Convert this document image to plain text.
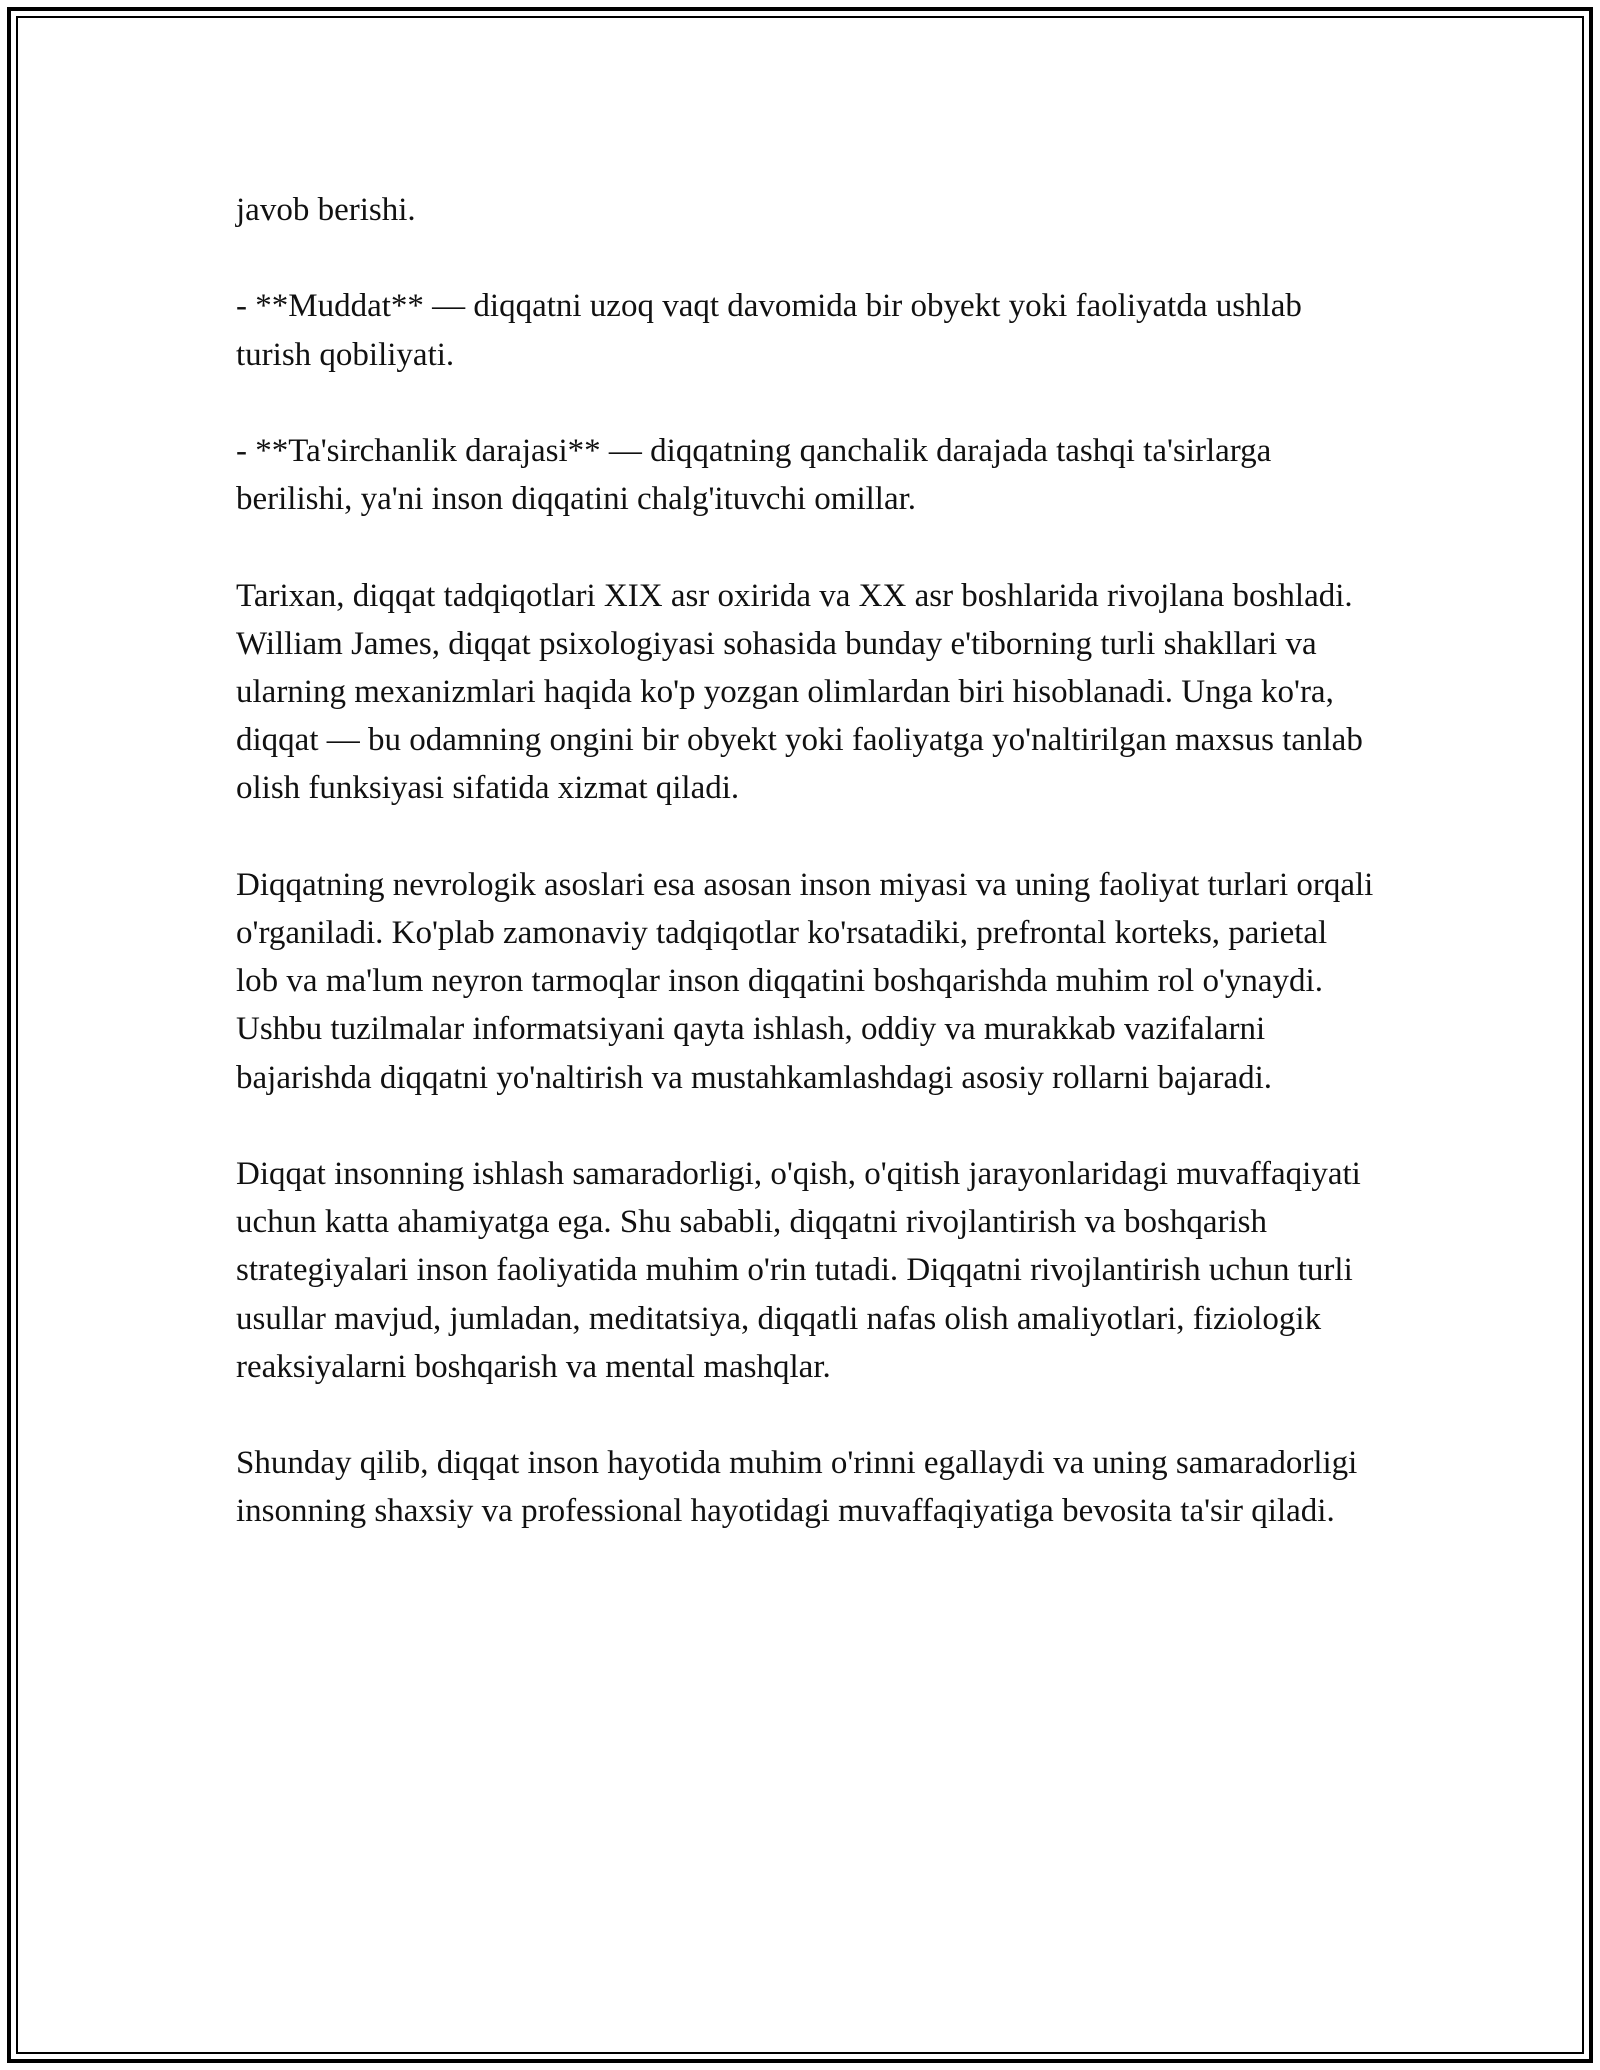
javob berishi.

- **Muddat** — diqqatni uzoq vaqt davomida bir obyekt yoki faoliyatda ushlab turish qobiliyati.

- **Ta'sirchanlik darajasi** — diqqatning qanchalik darajada tashqi ta'sirlarga berilishi, ya'ni inson diqqatini chalg'ituvchi omillar.

Tarixan, diqqat tadqiqotlari XIX asr oxirida va XX asr boshlarida rivojlana boshladi. William James, diqqat psixologiyasi sohasida bunday e'tiborning turli shakllari va ularning mexanizmlari haqida ko'p yozgan olimlardan biri hisoblanadi. Unga ko'ra, diqqat — bu odamning ongini bir obyekt yoki faoliyatga yo'naltirilgan maxsus tanlab olish funksiyasi sifatida xizmat qiladi.

Diqqatning nevrologik asoslari esa asosan inson miyasi va uning faoliyat turlari orqali o'rganiladi. Ko'plab zamonaviy tadqiqotlar ko'rsatadiki, prefrontal korteks, parietal lob va ma'lum neyron tarmoqlar inson diqqatini boshqarishda muhim rol o'ynaydi. Ushbu tuzilmalar informatsiyani qayta ishlash, oddiy va murakkab vazifalarni bajarishda diqqatni yo'naltirish va mustahkamlashdagi asosiy rollarni bajaradi.

Diqqat insonning ishlash samaradorligi, o'qish, o'qitish jarayonlaridagi muvaffaqiyati uchun katta ahamiyatga ega. Shu sababli, diqqatni rivojlantirish va boshqarish strategiyalari inson faoliyatida muhim o'rin tutadi. Diqqatni rivojlantirish uchun turli usullar mavjud, jumladan, meditatsiya, diqqatli nafas olish amaliyotlari, fiziologik reaksiyalarni boshqarish va mental mashqlar.

Shunday qilib, diqqat inson hayotida muhim o'rinni egallaydi va uning samaradorligi insonning shaxsiy va professional hayotidagi muvaffaqiyatiga bevosita ta'sir qiladi.
